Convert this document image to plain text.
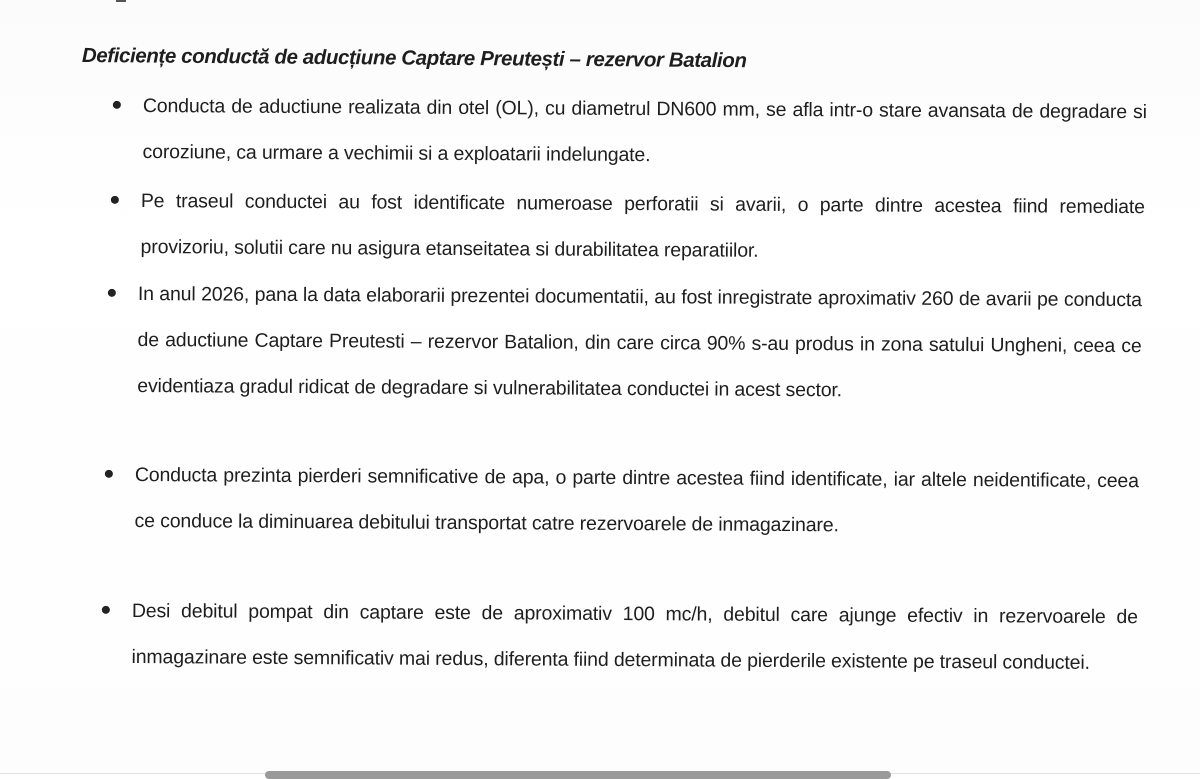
Deficiențe conductă de aducțiune Captare Preutești – rezervor Batalion

Conducta de aductiune realizata din otel (OL), cu diametrul DN600 mm, se afla intr-o stare avansata de degradare si coroziune, ca urmare a vechimii si a exploatarii indelungate.

Pe traseul conductei au fost identificate numeroase perforatii si avarii, o parte dintre acestea fiind remediate provizoriu, solutii care nu asigura etanseitatea si durabilitatea reparatiilor.

In anul 2026, pana la data elaborarii prezentei documentatii, au fost inregistrate aproximativ 260 de avarii pe conducta de aductiune Captare Preutesti – rezervor Batalion, din care circa 90% s-au produs in zona satului Ungheni, ceea ce evidentiaza gradul ridicat de degradare si vulnerabilitatea conductei in acest sector.

Conducta prezinta pierderi semnificative de apa, o parte dintre acestea fiind identificate, iar altele neidentificate, ceea ce conduce la diminuarea debitului transportat catre rezervoarele de inmagazinare.

Desi debitul pompat din captare este de aproximativ 100 mc/h, debitul care ajunge efectiv in rezervoarele de inmagazinare este semnificativ mai redus, diferenta fiind determinata de pierderile existente pe traseul conductei.
